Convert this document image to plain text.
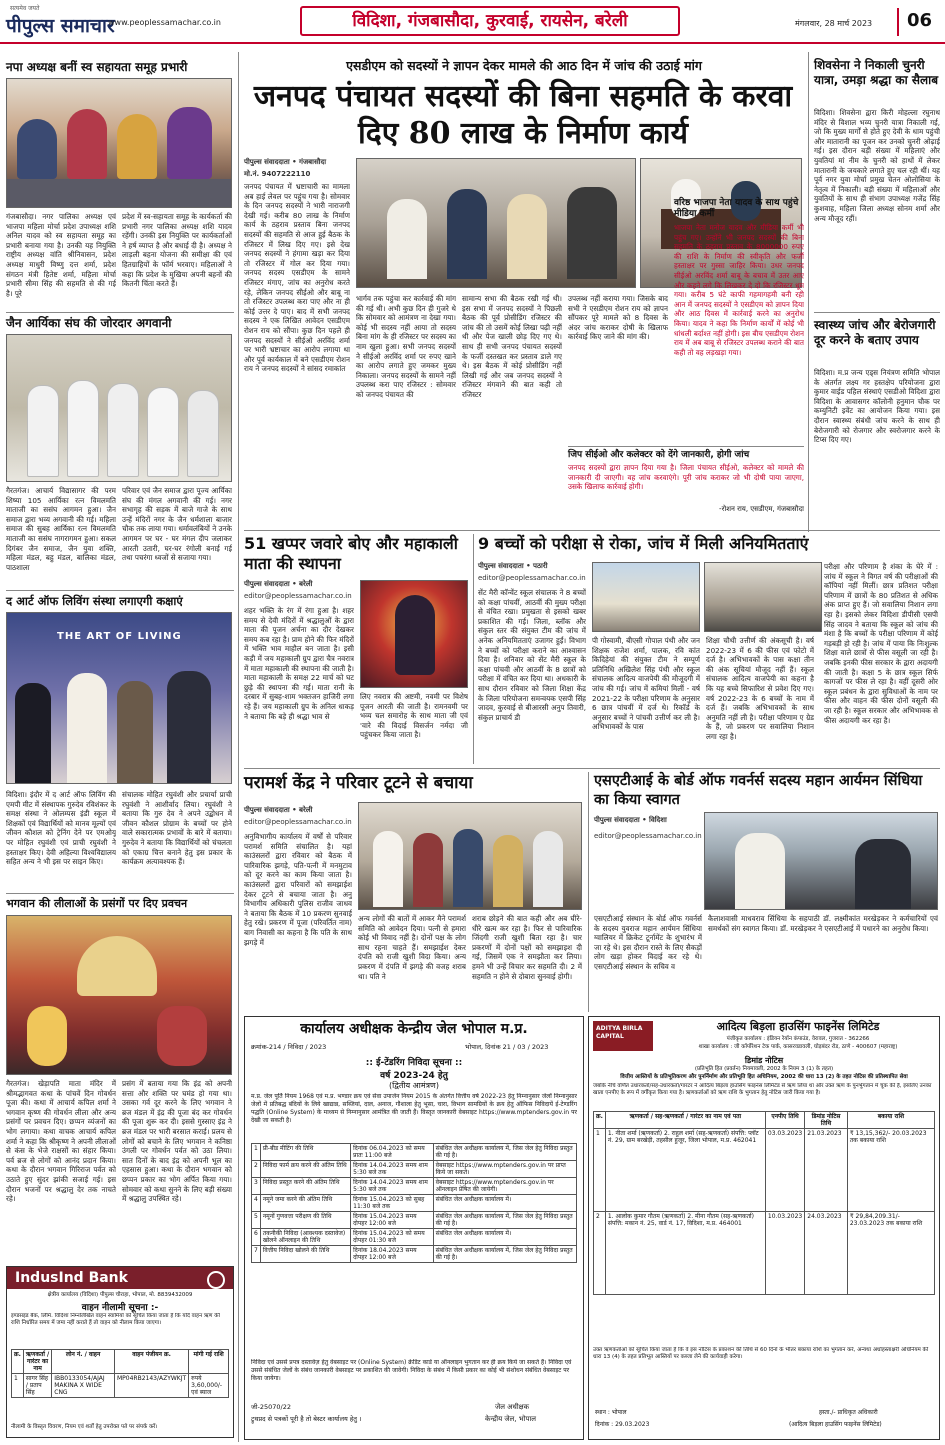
सत्यमेव जयते
पीपुल्स समाचार
www.peoplessamachar.co.in	विदिशा, गंजबासौदा, कुरवाई, रायसेन, बरेली	मंगलवार, 28 मार्च 2023 06
नपा अध्यक्ष बनीं स्व सहायता समूह प्रभारी
गंजबासौदा। नगर पालिका अध्यक्ष एवं भाजपा महिला मोर्चा प्रदेश उपाध्यक्ष शशि अनिल यादव को स्व सहायता समूह का प्रभारी बनाया गया है। उनकी यह नियुक्ति राष्ट्रीय अध्यक्ष वांति श्रीनिवासन, प्रदेश अध्यक्ष माधुरी विष्णु दत्त शर्मा, प्रदेश संगठन मंत्री हितेष्ट शर्मा, महिला मोर्चा प्रभारी सीमा सिंह की सहमति से की गई है। पूरे
प्रदेश में स्व-सहायता समूह के कार्यकर्ता की प्रभारी नगर पालिका अध्यक्ष शशि यादव रहेंगी। उनकी इस नियुक्ति पर कार्यकर्ताओं ने हर्ष व्याप्त है और बधाई दी है। अध्यक्ष ने लाड़ली बहना योजना की समीक्षा की एवं हितग्राहियों के फॉर्म भरवाए। महिलाओं ने कहा कि प्रदेश के मुखिया अपनी बहनों की कितनी चिंता करते हैं।
जैन आर्यिका संघ की जोरदार अगवानी
गैरतगंज। आचार्य विद्यासागर की परम शिष्या 105 आर्यिका रत्न विमलमति माताजी का ससंघ आगमन हुआ। जैन समाज द्वारा भव्य अगवानी की गई। महिला समाज की सुबह आर्यिका रत्न विमलमति माताजी का ससंघ नागरागमन हुआ। सकल दिगंबर जैन समाज, जैन युवा शक्ति, महिला मंडल, बहु मंडल, बालिका मंडल, पाठशाला
परिवार एवं जैन समाज द्वारा पूज्य आर्यिका संघ की मंगल अगवानी की गई। नगर सभागृह की सड़क में बाजे गाजे के साथ उन्हें मंदिरों नगर के जैन धर्मशाला बाजार चौक तक लाया गया। धर्मावलंबियों ने उनके आगमन पर घर - घर मंगल दीप जलाकर आरती उतारी, घर-घर रंगोली बनाई गई तथा पचरंगा ध्वजों से सजाया गया।
द आर्ट ऑफ लिविंग संस्था लगाएगी कक्षाएं
THE ART OF LIVING
विदिशा। इंदौर में द आर्ट ऑफ लिविंग की एमपी मीट में संस्थापक गुरुदेव रविशंकर के समक्ष संस्था ने ओलम्पस इंडी स्कूल में शिक्षकों एवं विद्यार्थियों को मानव मूल्यों एवं जीवन कौशल को ट्रेनिंग देने पर एमओयू पर मोहित रघुवंशी एवं प्राची रघुवंशी ने हस्ताक्षर किए। देवी अहिल्या विश्वविद्यालय सहित अन्य ने भी इस पर साइन किए।
संचालक मोहित रघुवंशी और प्रचार्या प्राची रघुवंशी ने आशीर्वाद लिया। रघुवंशी ने बताया कि गुरु देव ने अपने उद्बोधन में जीवन कौशल प्रोग्राम के बच्चों पर होने वाले सकारात्मक प्रभावों के बारे में बताया। गुरुदेव ने बताया कि विद्यार्थियों को चंचलता को एकाग्र चित्त बनाने हेतु इस प्रकार के कार्यक्रम अत्यावश्यक हैं।
भगवान की लीलाओं के प्रसंगों पर दिए प्रवचन
गैरतगंज। खेड़ापति माता मंदिर में श्रीमद्भागवत कथा के पांचवें दिन गोवर्धन पूजा की। कथा में आचार्य कपिल शर्मा ने भगवान कृष्ण की गोवर्धन लीला और अन्य प्रसंगों पर प्रवचन दिए। छप्पन व्यंजनों का भोग लगाया। कथा वाचक आचार्य कपिल शर्मा ने कहा कि श्रीकृष्ण ने अपनी लीलाओं से कंस के भेजे राक्षसों का संहार किया। पर्व ब्रज से लोगों को आनंद प्रदान किया। कथा के दौरान भगवान गिरिराज पर्वत को उठाते हुए सुंदर झांकी सजाई गई। इस दौरान भजनों पर श्रद्धालु देर तक नाचते रहे।
प्रसंग में बताया गया कि इंद्र को अपनी सत्ता और शक्ति पर घमंड हो गया था। उसका गर्व दूर करने के लिए भगवान ने ब्रज मंडल में इंद्र की पूजा बंद कर गोवर्धन की पूजा शुरू कर दी। इससे गुस्साए इंद्र ने ब्रज मंडल पर भारी बरसात कराई। प्रलय से लोगों को बचाने के लिए भगवान ने कनिष्ठा उंगली पर गोवर्धन पर्वत को उठा लिया। सात दिनों के बाद इंद्र को अपनी भूल का एहसास हुआ। कथा के दौरान भगवान को छप्पन प्रकार का भोग अर्पित किया गया। सोमवार को कथा सुनने के लिए बड़ी संख्या में श्रद्धालु उपस्थित रहे।
IndusInd Bank
क्षेत्रीय कार्यालय (विदिशा) पीपुल्स चौराहा, भोपाल, मो. 8839432009
वाहन नीलामी सूचना :-
इण्डसइंड बैंक, लिमि. विदिशा निम्नलिखित वाहन स्वामियों को सूचित किया जाता है कि यदि वाहन ऋण की राशि निर्धारित समय में जमा नहीं कराते हैं तो वाहन को नीलाम किया जाएगा।
क्र.	ऋणकर्ता / गारंटर का नाम	लोन नं. / वाहन	वाहन पंजीयन क्र.	मांगी गई राशि
1	सागर सिंह / प्रताप सिंह	IBB0133054/AJAJ MAKINA X WIDE CNG	MP04RB2143/AZYWKJT	रुपये 3,60,000/- एवं ब्याज
नीलामी के विस्तृत विवरण, नियम एवं शर्तों हेतु उपरोक्त पते पर संपर्क करें।
एसडीएम को सदस्यों ने ज्ञापन देकर मामले की आठ दिन में जांच की उठाई मांग
जनपद पंचायत सदस्यों की बिना सहमति के करवा दिए 80 लाख के निर्माण कार्य
पीपुल्स संवाददाता • गंजबासौदा
मो.नं. 9407222110
जनपद पंचायत में भ्रष्टाचारी का मामला अब हाई लेवल पर पहुंच गया है। सोमवार के दिन जनपद सदस्यों ने भारी नाराजगी देखी गई। करीब 80 लाख के निर्माण कार्य के ठहराव प्रस्ताव बिना जनपद सदस्यों की सहमति से आज हुई बैठक के रजिस्टर में लिख दिए गए। इसे देख जनपद सदस्यों ने हंगामा खड़ा कर दिया तो रजिस्टर में गोल कर दिया गया। जनपद सदस्य एसडीएम के सामने रजिस्टर मंगाए, जांच का अनुरोध करते रहे, लेकिन जनपद सीईओ और बाबू ना तो रजिस्टर उपलब्ध करा पाए और ना ही कोई उत्तर दे पाए। बाद में सभी जनपद सदस्य ने एक लिखित आवेदन एसडीएम रोशन राय को सौंपा। कुछ दिन पहले ही जनपद सदस्यों ने सीईओ अरविंद शर्मा पर भारी भ्रष्टाचार का आरोप लगाया था और पूर्व कार्यकाल में बने एसडीएम रोशन राय ने जनपद सदस्यों ने सांसद रमाकांत
भार्गव तक पहुंचा कर कार्रवाई की मांग की गई थी। अभी कुछ दिन ही गुजरे थे कि सोमवार को आमंत्रण ना देखा गया। कोई भी सदस्य नहीं आया तो सदस्य बिना मांग के ही रजिस्टर पर सदस्य का नाम खुला हुआ। सभी जनपद सदस्यों ने सीईओ अरविंद शर्मा पर रुपए खाने का आरोप लगाते हुए जमकर मुख्य निकाला। जनपद सदस्यों के सामने नहीं उपलब्ध करा पाए रजिस्टर : सोमवार को जनपद पंचायत की
सामान्य सभा की बैठक रखी गई थी। इस सभा में जनपद सदस्यों ने पिछली बैठक की पूर्व प्रोसीडिंग रजिस्टर की जांच की तो उसमें कोई लिखा पढ़ी नहीं थी और पेज खाली छोड़ दिए गए थे। साथ ही सभी जनपद पंचायत सदस्यों के फर्जी दस्तखत कर प्रस्ताव डाले गए थे। इस बैठक में कोई प्रोसीडिंग नहीं लिखी गई और जब जनपद सदस्यों ने रजिस्टर मंगवाने की बात कही तो रजिस्टर
उपलब्ध नहीं कराया गया। जिसके बाद सभी ने एसडीएम रोशन राय को ज्ञापन सौंपकर पूरे मामले को 8 दिवस के अंदर जांच कराकर दोषी के खिलाफ कार्रवाई किए जाने की मांग की।
वरिष्ठ भाजपा नेता यादव के साथ पहुंचे मीडिया कर्मी
भाजपा नेता मनोज यादव और मीडिया कर्मी भी पहुंच गए। उन्होंने भी जनपद सदस्यों की बिना सहमति के ठहराव प्रस्ताव के 8000000 रुपए की राशि के निर्माण की स्वीकृति और फर्जी हस्ताक्षर पर गुस्सा जाहिर किया। उधर जनपद सीईओ अरविंद शर्मा बाबू के बचाव में उतर आए और कहने लगे कि लिखकर दे दो कि रजिस्टर धूम गया। करीब 5 घंटे काफी गहमागहमी बनी रही आन में जनपद सदस्यों ने एसडीएम को ज्ञापन दिया और आठ दिवस में कार्रवाई करने का अनुरोध किया। यादव ने कहा कि निर्माण कार्यों में कोई भी धांधली बर्दाश्त नहीं होगी। इस बीच एसडीएम रोशन राय में अब बाबू से रजिस्टर उपलब्ध कराने की बात कही तो वह लड़खड़ा गया।
जिप सीईओ और कलेक्टर को देंगे जानकारी, होगी जांच
जनपद सदस्यों द्वारा ज्ञापन दिया गया है। जिला पंचायत सीईओ, कलेक्टर को मामले की जानकारी दी जाएगी। वह जांच करवाएंगे। पूरी जांच कराकर जो भी दोषी पाया जाएगा, उसके खिलाफ कार्रवाई होगी।
-रोशन राय, एसडीएम, गंजबासौदा
शिवसेना ने निकाली चुनरी यात्रा, उमड़ा श्रद्धा का सैलाब
विदिशा। शिवसेना द्वारा किरी मोहल्ला रघुनाथ मंदिर से विशाल भव्य चुनरी यात्रा निकाली गई, जो कि मुख्य मार्गों से होते हुए देवी के धाम पहुंची और मातारानी का पूजन कर उनको चुनरी ओढ़ाई गई। इस दौरान बड़ी संख्या में महिलाएं और युवतियां मां नीम के चुनरी को हाथों में लेकर मातारानी के जयकारे लगाते हुए चल रही थीं। यह पूर्व नगर युवा मोर्चा प्रमुख चेतन ओलोसिया के नेतृत्व में निकाली। बड़ी संख्या में महिलाओं और युवतियों के साथ ही संभाग उपाध्यक्ष गजेंद्र सिंह कुशवाह, महिला जिला अध्यक्ष सोनम शर्मा और अन्य मौजूद रहीं।
स्वास्थ्य जांच और बेरोजगारी दूर करने के बताए उपाय
विदिशा। म.प्र जन्य एड्स नियंत्रण समिति भोपाल के अंतर्गत लक्ष्य गर हस्तक्षेप परियोजना द्वारा कुमार वाईड पहिल संस्थाएं एसडीओ विदिशा द्वारा विदिशा के आवासगर कॉलोनी हनुमान चौक पर कम्युनिटी इवेंट का आयोजन किया गया। इस दौरान स्वास्थ्य संबंधी जांच करने के साथ ही बेरोजगारी को रोजगार और स्वरोजगार करने के टिप्स दिए गए।
51 खप्पर जवारे बोए और महाकाली माता की स्थापना
पीपुल्स संवाददाता • बरेली
editor@peoplessamachar.co.in
शहर भक्ति के रंग में रंगा हुआ है। शहर समय से देवी मंदिरों में श्रद्धालुओं के द्वारा माता की पूजन अर्चना का दौर देखकर समय कब रहा है। प्राम होने की फिर मंदिरों में भक्ति भाव माहौल बन जाता है। इसी कड़ी में जय महाकाली ग्रुप द्वारा चैत्र नवरात्र में माता महाकाली की स्थापना की जाती है। माता महाकाली के समक्ष 22 मार्च को घट छुड़े की स्थापना की गई। माता रानी के दरबार में सुबह-शाम भक्तजन हाजिरी लगा रहे हैं। जय महाकाली ग्रुप के अनिल धाकड़ ने बताया कि बड़े ही श्रद्धा भाव से
लिए नवरात्र की अष्टमी, नवमी पर विशेष पूजन आरती की जाती है। रामनवमी पर भव्य चल समारोह के साथ माता जी एवं 'वारे की विदाई विसर्जन नर्मदा जी पहुंचकर किया जाता है।
9 बच्चों को परीक्षा से रोका, जांच में मिली अनियमितताएं
पीपुल्स संवाददाता • पठारी
editor@peoplessamachar.co.in
सेंट मैरी कॉन्वेंट स्कूल संचालक ने 8 बच्चों को कक्षा पांचवीं, आठवीं की मुख्य परीक्षा से वंचित रखा। प्रमुखता से इसको खबर प्रकाशित की गई। जिला, ब्लॉक और संकुल स्तर की संयुक्त टीम की जांच में अनेक अनियमितताएं उजागर हुईं। विभाग ने बच्चों को परीक्षा कराने का आश्वासन दिया है। शनिवार को सेंट मैरी स्कूल के कक्षा पांचवी और आठवीं के 8 छात्रों को परीक्षा में वंचित कर दिया था। अधकारी के साथ दौरान रविवार को जिला शिक्षा केंद्र के जिला परियोजना समन्वयक एसपी सिंह जादव, कुरवाई से बीआरसी अनुप तिवारी, संकुल प्राचार्य डी
पी गोस्वामी, बीएसी गोपाल पंथी और जन शिक्षक राजेश शर्मा, पालक, रवि कांत किदिहेयां की संयुक्त टीम ने सम्पूर्ण प्रतिनिधि अखिलेश सिंह पंथी और स्कूल संचालक आदित्य वाजपेयी की मौजूदगी में जांच की गई। जांच में कमियां मिलीं - वर्ष 2021-22 के परीक्षा परिणाम के अनुसार 6 छात्र पांचवीं में दर्ज थे। रिकॉर्ड के अनुसार बच्चों ने पांचवी उत्तीर्ण कर ली है। अभिभावकों के पास
शिक्षा चौथी उत्तीर्ण की अंकसूची है। वर्ष 2022-23 में 6 की फीस एवं फोटो में दर्ज है। अभिभावकों के पास कक्षा तीन की अंक सूचियां मौजूद नहीं हैं। स्कूल संचालक आदित्य वाजपेयी का कहना है कि यह बच्चे सिफारिश से प्रवेश दिए गए। वर्ष 2022-23 के 6 बच्चों के नाम में दर्ज हैं। जबकि अभिभावकों के साथ अनुमति नहीं ली है। परीक्षा परिणाम ए ग्रेड के हैं, जो प्रकरण पर सवालिया निशान लगा रहा है।
परीक्षा और परिणाम है शंका के घेरे में : जांच में स्कूल ने विगत वर्ष की परीक्षाओं की कॉपियां नहीं मिलीं। छात्र प्रतिशत परीक्षा परिणाम में छात्रों के 80 प्रतिशत से अधिक अंक प्राप्त हुए हैं। जो सवालिया निशान लगा रहा है। इसको लेकर विदिशा डीपीसी एसपी सिंह जादव ने बताया कि स्कूल को जांच की मंशा है कि बच्चों के परीक्षा परिणाम में कोई गड़बड़ी हो रही है। जांच में पाया कि निःशुल्क शिक्षा वाले छात्रों से फीस वसूली जा रही है। जबकि इनकी फीस सरकार के द्वारा अदायगी की जाती है। कक्षा 5 के छात्र स्कूल सिर्फ कागजों पर फीस ले रहा है। वहीं दूसरी ओर स्कूल प्रबंधन के द्वारा सुविधाओं के नाम पर फीस और वाहन की फीस दोनों वसूली की जा रही है। स्कूल सरकार और अभिभावक से फीस अदायगी कर रहा है।
परामर्श केंद्र ने परिवार टूटने से बचाया
पीपुल्स संवाददाता • बरेली
editor@peoplessamachar.co.in
अनुविभागीय कार्यालय में वर्षों से परिवार परामर्श समिति संचालित है। यहां काउंसलरों द्वारा रविवार को बैठक में पारिवारिक झगड़े, पति-पत्नी में मनमुटाव को दूर करने का काम किया जाता है। काउंसलरों द्वारा परिवारों को समझाईश देकर टूटने से बचाया जाता है। अनु विभागीय अधिकारी पुलिस राजीव जाधव ने बताया कि बैठक में 10 प्रकरण सुनवाई हेतु रखे। प्रकरण में पूजा (परिवर्तित नाम) बाग निवासी का कहना है कि पति के साथ झगड़े में
अन्य लोगों की बातों में आकर मैने परामर्श समिति को आवेदन दिया। पत्नी से हमारा कोई भी विवाद नहीं है। दोनों पक्ष के लोग साथ रहना चाहते हैं। समझाईश देकर दंपति को राजी खुशी विदा किया। अन्य प्रकरण में दंपति में झगड़े की वजह शराब था। पति ने
शराब छोड़ने की बात कही और अब घीरे-धीरे खत्म कर रहा है। फिर से पारिवारिक जिंदगी राजी खुशी बिता रहा है। चार प्रकरणों में दोनों पक्षों को समझाइश दी गई, जिसमें एक ने समझौता कर लिया। हमने भी उन्हें विचार कर सहमति दी। 2 में सहमति न होने से दोबारा सुनवाई होगी।
एसएटीआई के बोर्ड ऑफ गवर्नर्स सदस्य महान आर्यमन सिंधिया का किया स्वागत
पीपुल्स संवाददाता • विदिशा
editor@peoplessamachar.co.in
एसएटीआई संस्थान के बोर्ड ऑफ गवर्नर्स के सदस्य युवराज महान आर्यमन सिंधिया ग्वालियर में क्रिकेट टूर्नामेंट के शुभारंभ में जा रहे थे। इस दौरान रास्ते के लिए सैकड़ों लोग खड़ा होकर विदाई कर रहे थे। एसएटीआई संस्थान के सचिव व
कैलाशवासी माधवराव सिंधिया के सहपाठी डॉ. लक्ष्मीकांत मरखेड़कर ने कर्मचारियों एवं समर्थकों संग स्वागत किया। डॉ. मरखेड़कर ने एसएटीआई में पधारने का अनुरोध किया।
कार्यालय अधीक्षक केन्द्रीय जेल भोपाल म.प्र.
क्रमांक-214 / निविदा / 2023	भोपाल, दिनांक 21 / 03 / 2023
:: ई-टेंडरिंग निविदा सूचना ::
वर्ष 2023-24 हेतु
(द्वितीय आमंत्रण)
म.प्र. जेल पूर्ति नियम 1968 एवं म.प्र. भण्डार क्रय एवं सेवा उपार्जन नियम 2015 के अंतर्गत वित्तीय वर्ष 2022-23 हेतु निम्नानुसार जेलों निम्नानुसार जेलों में प्रतिबद्ध बंदियों के लिये खाद्यान्न, सब्जियां, दाल, अनाज, गौशाला हेतु भूसा, चारा, विभाग सामग्रियों के क्रय हेतु ऑफिस निविदायें ई-टेण्डरिंग पद्धति (Online System) के माध्यम से निम्नानुसार आमंत्रित की जाती हैं। विस्तृत जानकारी वेबसाइट https://www.mptenders.gov.in पर देखी जा सकती है।
1	प्री-बीड मीटिंग की तिथि	दिनांक 06.04.2023 को समय प्रातः 11:00 बजे	संबंधित जेल अधीक्षक कार्यालय में, जिस जेल हेतु निविदा प्रस्तुत की गई है।
2	निविदा फार्म क्रय करने की अंतिम तिथि	दिनांक 14.04.2023 समय शाम 5:30 बजे तक	वेबसाइट https://www.mptenders.gov.in पर प्राप्त किये जा सकते।
3	निविदा प्रस्तुत करने की अंतिम तिथि	दिनांक 14.04.2023 समय शाम 5:30 बजे तक	वेबसाइट https://www.mptenders.gov.in पर ऑनलाइन प्रेषित की जायेगी।
4	नमूने जमा करने की अंतिम तिथि	दिनांक 15.04.2023 को सुबह 11:30 बजे तक	संबंधित जेल अधीक्षक कार्यालय में।
5	नमूनों गुणवत्ता परीक्षण की तिथि	दिनांक 15.04.2023 समय दोपहर 12:00 बजे	संबंधित जेल अधीक्षक कार्यालय में, जिस जेल हेतु निविदा प्रस्तुत की गई है।
6	तकनीकी निविदा (आवश्यक दस्तावेज) खोलने ऑनलाइन की तिथि	दिनांक 15.04.2023 को समय दोपहर 01:30 बजे	संबंधित जेल अधीक्षक कार्यालय में।
7	वित्तीय निविदा खोलने की तिथि	दिनांक 18.04.2023 समय दोपहर 12:00 बजे	संबंधित जेल अधीक्षक कार्यालय में, जिस जेल हेतु निविदा प्रस्तुत की गई है।
निविदा एवं उससे प्रपत्र दस्तावेज़ हेतु वेबसाइट पर (Online System) क्रेडिट कार्ड या ऑनलाइन भुगतान कर ही क्रय किये जा सकते हैं। निविदा एवं उससे संबंधित जेलों के संबंध जानकारी वेबसाइट पर प्रकाशित की जावेगी। निविदा के संबंध में किसी प्रकार का कोई भी संशोधन संबंधित वेबसाइट पर किया जायेगा।
जी-25070/22
ट्रुथप्रद से पत्रकों पूरी है तो बेस्टर कार्यालय हेतु ।
जेल अधीक्षक
केन्द्रीय जेल, भोपाल
ADITYA BIRLA CAPITAL
आदित्य बिड़ला हाउसिंग फाइनेंस लिमिटेड
पंजीकृत कार्यालय : इंडियन रेयॉन कंपाउंड, वेरावल, गुजरात - 362266
शाखा कार्यालय : जी कॉर्पोरेशन टेक पार्क, कासरवडावली, घोड़बंदर रोड, ठाणे - 400607 (महाराष्ट्र)
डिमांड नोटिस
(प्रतिभूति हित (प्रवर्तन) नियमावली, 2002 के नियम 3 (1) के तहत)
वित्तीय आस्तियों के प्रतिभूतिकरण और पुनर्निर्माण और प्रतिभूति हित अधिनियम, 2002 की धारा 13 (2) के तहत नोटिस की प्रतिस्थापित सेवा
जबकि नीचे वर्णित उधारकर्ता/सह-उधारकर्ता/गारंटर ने आदित्य बिड़ला हाउसिंग फाइनेंस लिमिटेड से ऋण लिया था और उक्त ऋण के पुनर्भुगतान में चूक की है, इसलिए उनका खाता एनपीए के रूप में वर्गीकृत किया गया है। ऋणकर्ताओं को ऋण राशि के भुगतान हेतु नोटिस जारी किया गया है।
क्र.	ऋणकर्ता / सह-ऋणकर्ता / गारंटर का नाम एवं पता	एनपीए तिथि	डिमांड नोटिस तिथि	बकाया राशि
1	1. नीता शर्मा (ऋणकर्ता) 2. राहुल शर्मा (सह-ऋणकर्ता) संपत्ति: प्लॉट नं. 29, ग्राम बरखेड़ी, तहसील हुजूर, जिला भोपाल, म.प्र. 462041	03.03.2023	21.03.2023	₹ 13,15,362/- 20.03.2023 तक बकाया राशि
2	1. आलोक कुमार गौतम (ऋणकर्ता) 2. मीना गौतम (सह-ऋणकर्ता) संपत्ति: मकान नं. 25, वार्ड नं. 17, विदिशा, म.प्र. 464001	10.03.2023	24.03.2023	₹ 29,84,209.31/- 23.03.2023 तक बकाया राशि
उक्त ऋणकर्ताओं को सूचित किया जाता है कि वे इस नोटिस के प्रकाशन की तिथि से 60 दिनों के भीतर बकाया राशि का भुगतान करें, अन्यथा अधोहस्ताक्षरी अधिनियम की धारा 13 (4) के तहत प्रतिभूत आस्तियों पर कब्जा लेने की कार्यवाही करेगा।
स्थान : भोपाल
दिनांक : 29.03.2023
हस्ता./- प्राधिकृत अधिकारी
(आदित्य बिड़ला हाउसिंग फाइनेंस लिमिटेड)
